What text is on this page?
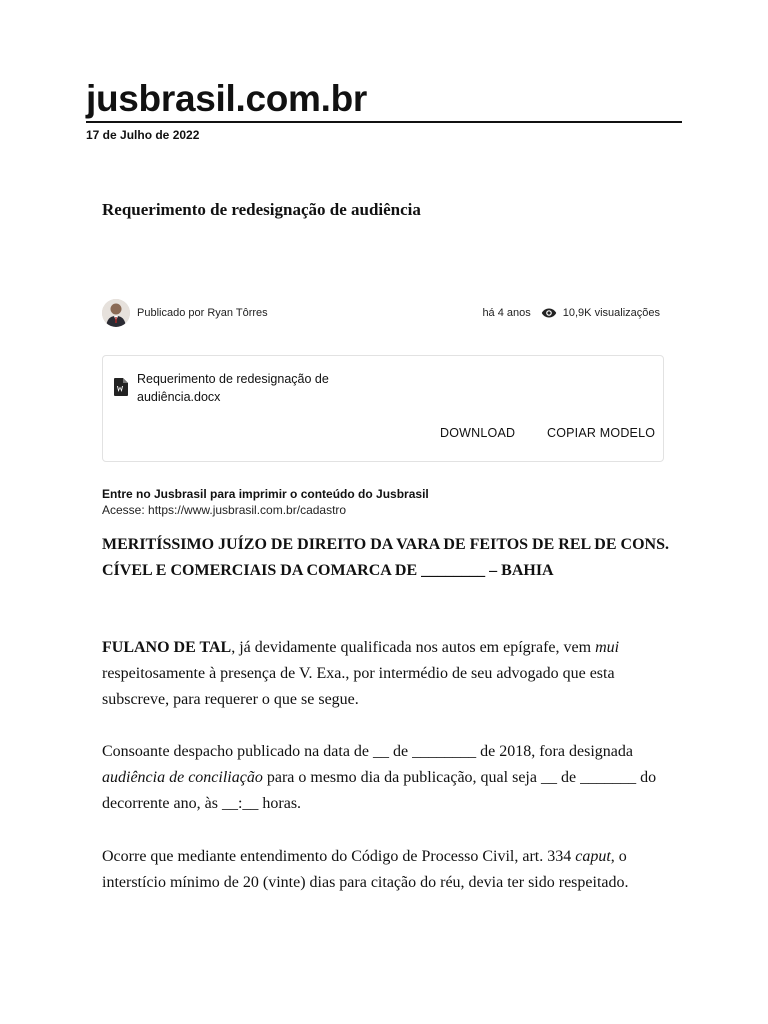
jusbrasil.com.br
17 de Julho de 2022
Requerimento de redesignação de audiência
Publicado por Ryan Tôrres	há 4 anos	10,9K visualizações
Requerimento de redesignação de audiência.docx
DOWNLOAD	COPIAR MODELO
Entre no Jusbrasil para imprimir o conteúdo do Jusbrasil
Acesse: https://www.jusbrasil.com.br/cadastro
MERITÍSSIMO JUÍZO DE DIREITO DA VARA DE FEITOS DE REL DE CONS. CÍVEL E COMERCIAIS DA COMARCA DE ________ – BAHIA

FULANO DE TAL, já devidamente qualificada nos autos em epígrafe, vem mui respeitosamente à presença de V. Exa., por intermédio de seu advogado que esta subscreve, para requerer o que se segue.

Consoante despacho publicado na data de __ de ________ de 2018, fora designada audiência de conciliação para o mesmo dia da publicação, qual seja __ de _______ do decorrente ano, às __:__ horas.

Ocorre que mediante entendimento do Código de Processo Civil, art. 334 caput, o interstício mínimo de 20 (vinte) dias para citação do réu, devia ter sido respeitado.
